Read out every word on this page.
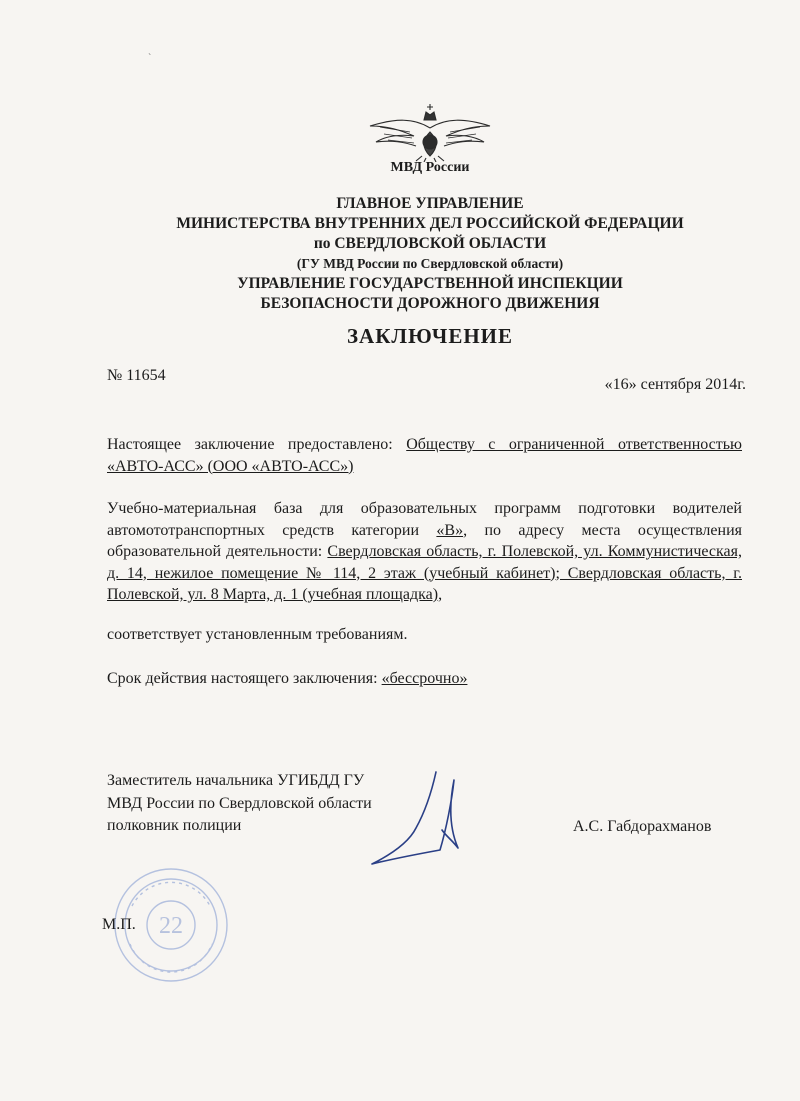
`
МВД России
ГЛАВНОЕ УПРАВЛЕНИЕ
МИНИСТЕРСТВА ВНУТРЕННИХ ДЕЛ РОССИЙСКОЙ ФЕДЕРАЦИИ
по СВЕРДЛОВСКОЙ ОБЛАСТИ
(ГУ МВД России по Свердловской области)
УПРАВЛЕНИЕ ГОСУДАРСТВЕННОЙ ИНСПЕКЦИИ
БЕЗОПАСНОСТИ ДОРОЖНОГО ДВИЖЕНИЯ
ЗАКЛЮЧЕНИЕ
№ 11654
«16» сентября 2014г.
Настоящее заключение предоставлено: Обществу с ограниченной ответственностью «АВТО-АСС» (ООО «АВТО-АСС»)
Учебно-материальная база для образовательных программ подготовки водителей автомототранспортных средств категории «В», по адресу места осуществления образовательной деятельности: Свердловская область, г. Полевской, ул. Коммунистическая, д. 14, нежилое помещение № 114, 2 этаж (учебный кабинет); Свердловская область, г. Полевской, ул. 8 Марта, д. 1 (учебная площадка),
соответствует установленным требованиям.
Срок действия настоящего заключения: «бессрочно»
Заместитель начальника УГИБДД ГУ
МВД России по Свердловской области
полковник полиции	А.С. Габдорахманов
22
М.П.
